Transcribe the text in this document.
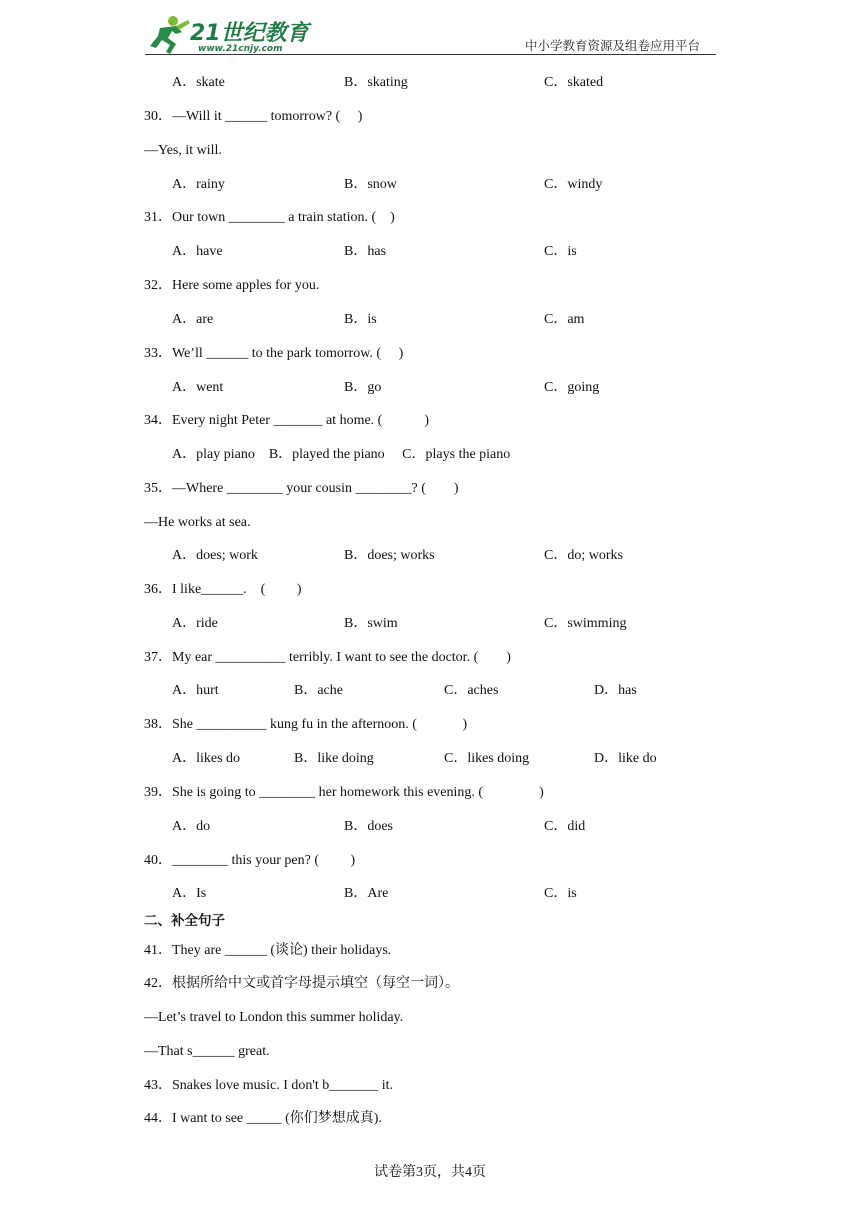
21世纪教育
www.21cnjy.com	中小学教育资源及组卷应用平台
A．skate	B．skating	C．skated
30．—Will it ______ tomorrow? (　 )
—Yes, it will.
A．rainy	B．snow	C．windy
31．Our town ________ a train station. (　)
A．have	B．has	C．is
32．Here some apples for you.
A．are	B．is	C．am
33．We’ll ______ to the park tomorrow. (　 )
A．went	B．go	C．going
34．Every night Peter _______ at home. (　　　)
A．play piano　B．played the piano　 C．plays the piano
35．—Where ________ your cousin ________? (　　)
—He works at sea.
A．does; work	B．does; works	C．do; works
36．I like______.　(　　 )
A．ride	B．swim	C．swimming
37．My ear __________ terribly. I want to see the doctor. (　　)
A．hurt	B．ache	C．aches	D．has
38．She __________ kung fu in the afternoon. (　　　 )
A．likes do	B．like doing	C．likes doing	D．like do
39．She is going to ________ her homework this evening. (　　　　)
A．do	B．does	C．did
40．________ this your pen? (　　 )
A．Is	B．Are	C．is
二、补全句子
41．They are ______ (谈论) their holidays.
42．根据所给中文或首字母提示填空（每空一词）。
—Let’s travel to London this summer holiday.
—That s______ great.
43．Snakes love music. I don't b_______ it.
44．I want to see _____ (你们梦想成真).
试卷第3页，共4页
